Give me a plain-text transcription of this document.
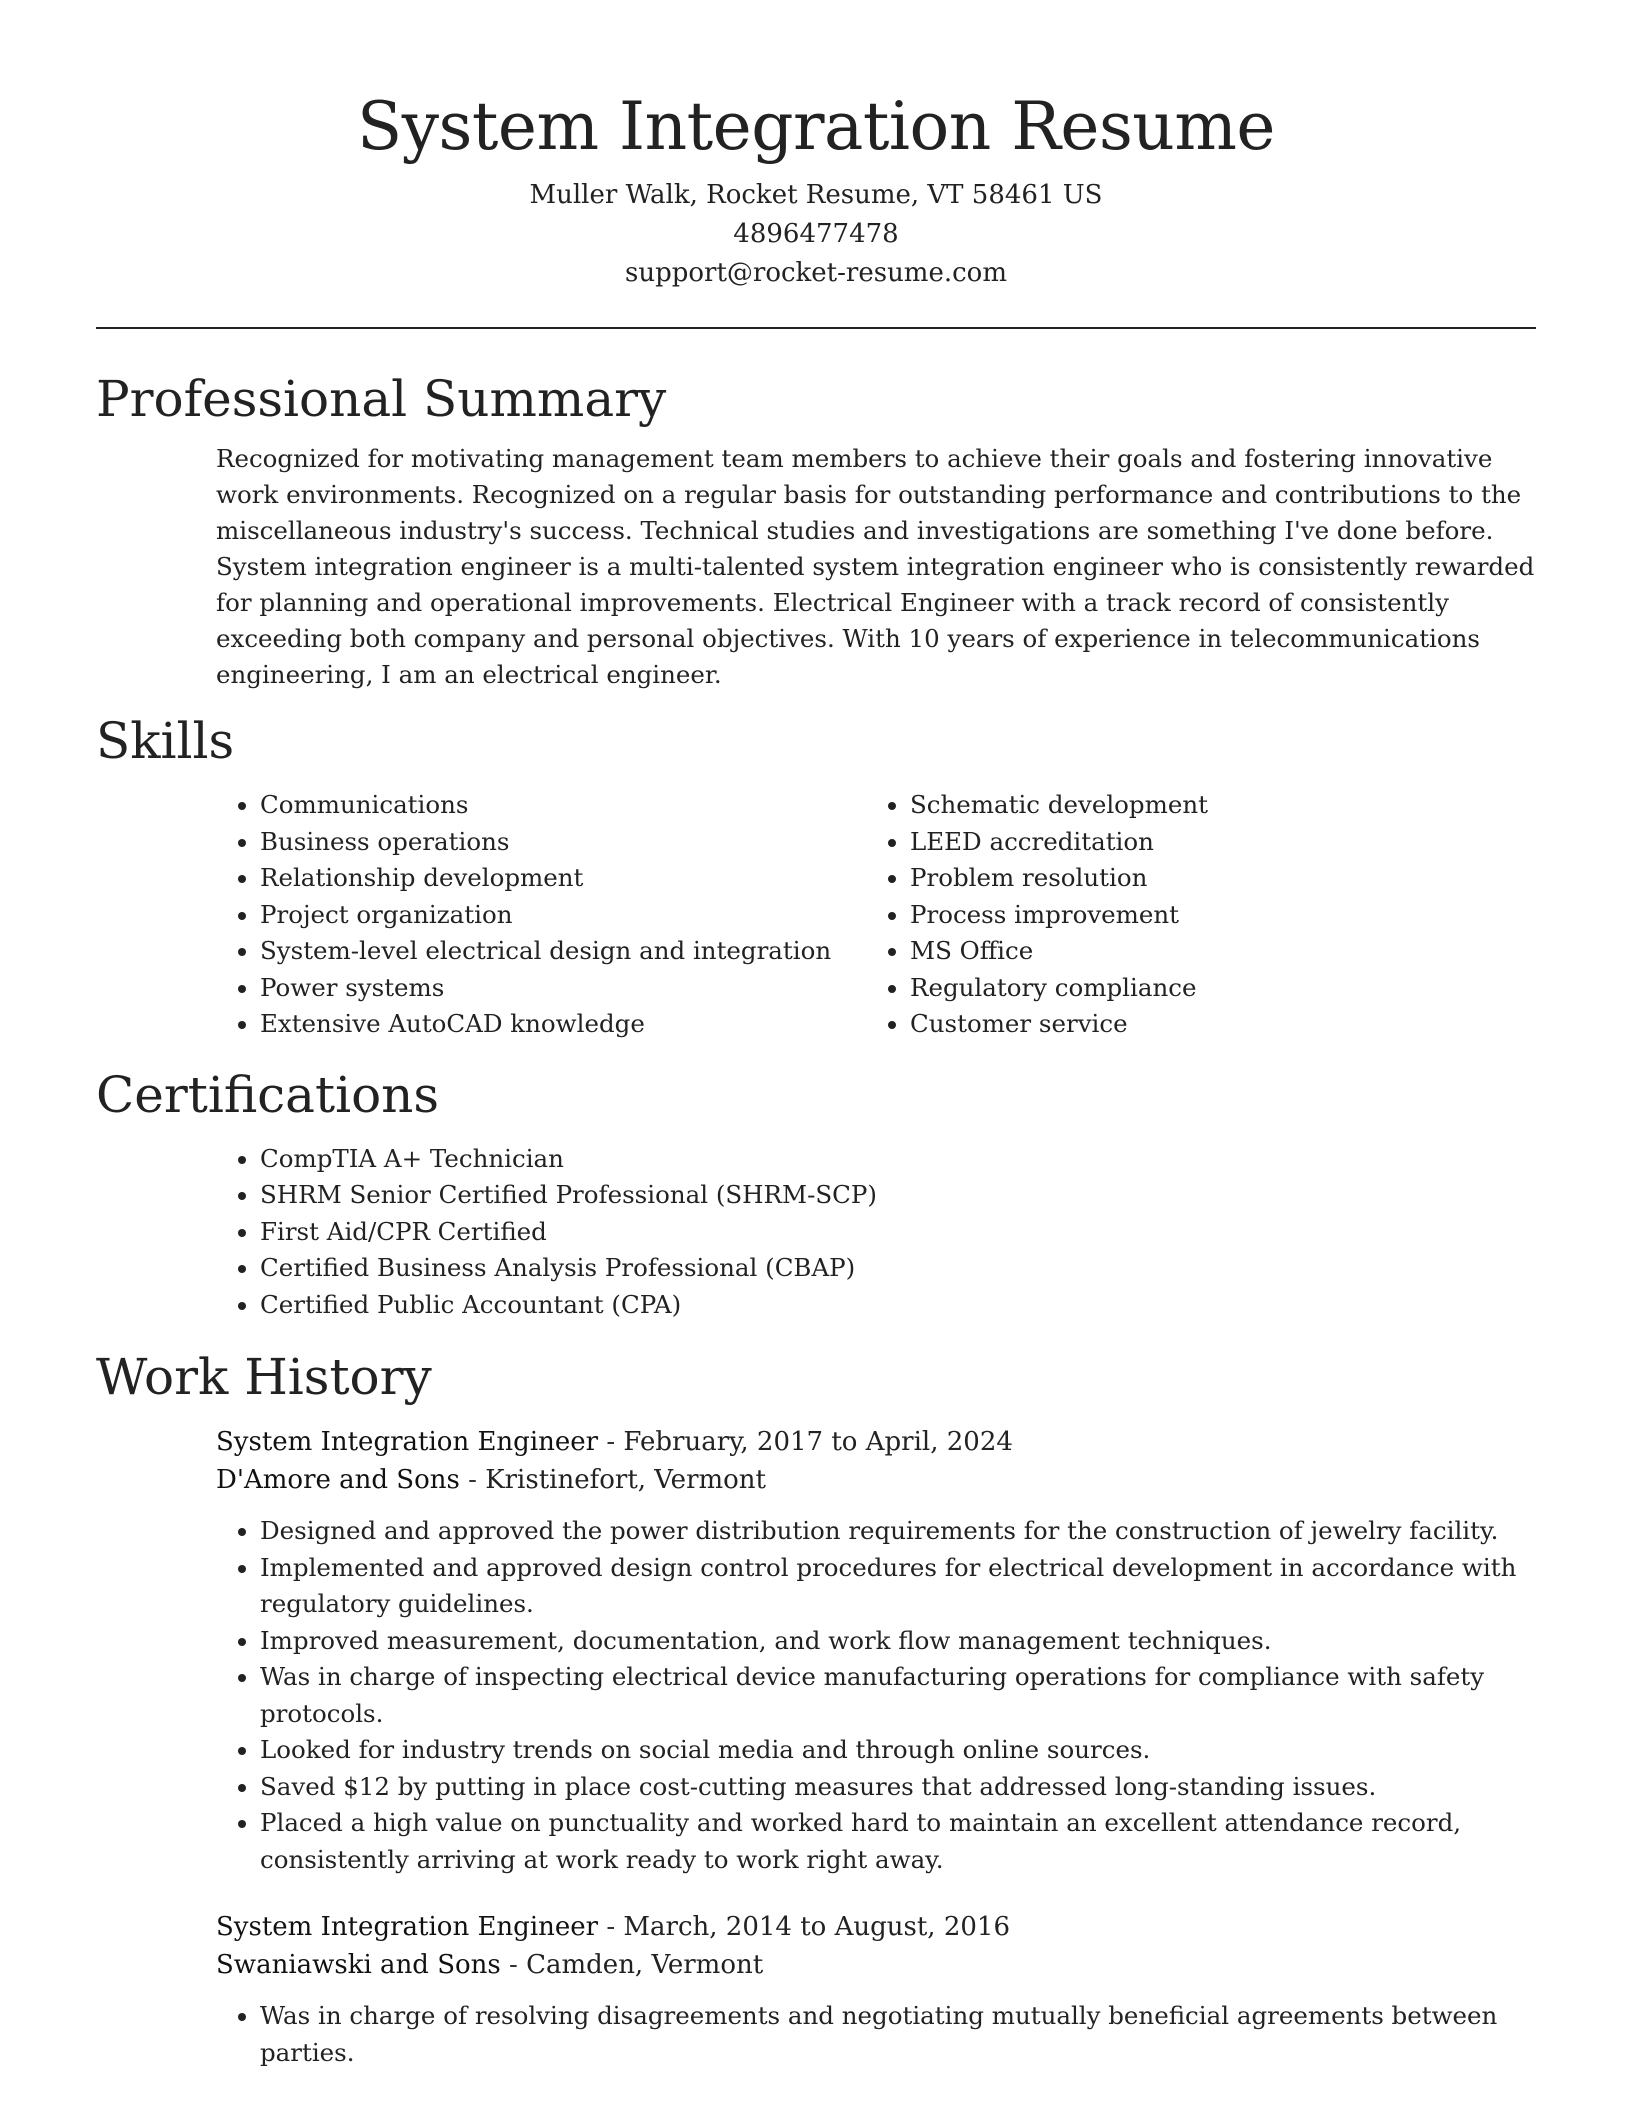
System Integration Resume
Muller Walk, Rocket Resume, VT 58461 US
4896477478
support@rocket-resume.com
Professional Summary

Recognized for motivating management team members to achieve their goals and fostering innovative work environments. Recognized on a regular basis for outstanding performance and contributions to the miscellaneous industry's success. Technical studies and investigations are something I've done before. System integration engineer is a multi-talented system integration engineer who is consistently rewarded for planning and operational improvements. Electrical Engineer with a track record of consistently exceeding both company and personal objectives. With 10 years of experience in telecommunications engineering, I am an electrical engineer.

Skills
• Communications
• Business operations
• Relationship development
• Project organization
• System-level electrical design and integration
• Power systems
• Extensive AutoCAD knowledge
• Schematic development
• LEED accreditation
• Problem resolution
• Process improvement
• MS Office
• Regulatory compliance
• Customer service
Certifications
• CompTIA A+ Technician
• SHRM Senior Certified Professional (SHRM-SCP)
• First Aid/CPR Certified
• Certified Business Analysis Professional (CBAP)
• Certified Public Accountant (CPA)
Work History
System Integration Engineer - February, 2017 to April, 2024
D'Amore and Sons - Kristinefort, Vermont
• Designed and approved the power distribution requirements for the construction of jewelry facility.
• Implemented and approved design control procedures for electrical development in accordance with regulatory guidelines.
• Improved measurement, documentation, and work flow management techniques.
• Was in charge of inspecting electrical device manufacturing operations for compliance with safety protocols.
• Looked for industry trends on social media and through online sources.
• Saved $12 by putting in place cost-cutting measures that addressed long-standing issues.
• Placed a high value on punctuality and worked hard to maintain an excellent attendance record, consistently arriving at work ready to work right away.
System Integration Engineer - March, 2014 to August, 2016
Swaniawski and Sons - Camden, Vermont
• Was in charge of resolving disagreements and negotiating mutually beneficial agreements between parties.
